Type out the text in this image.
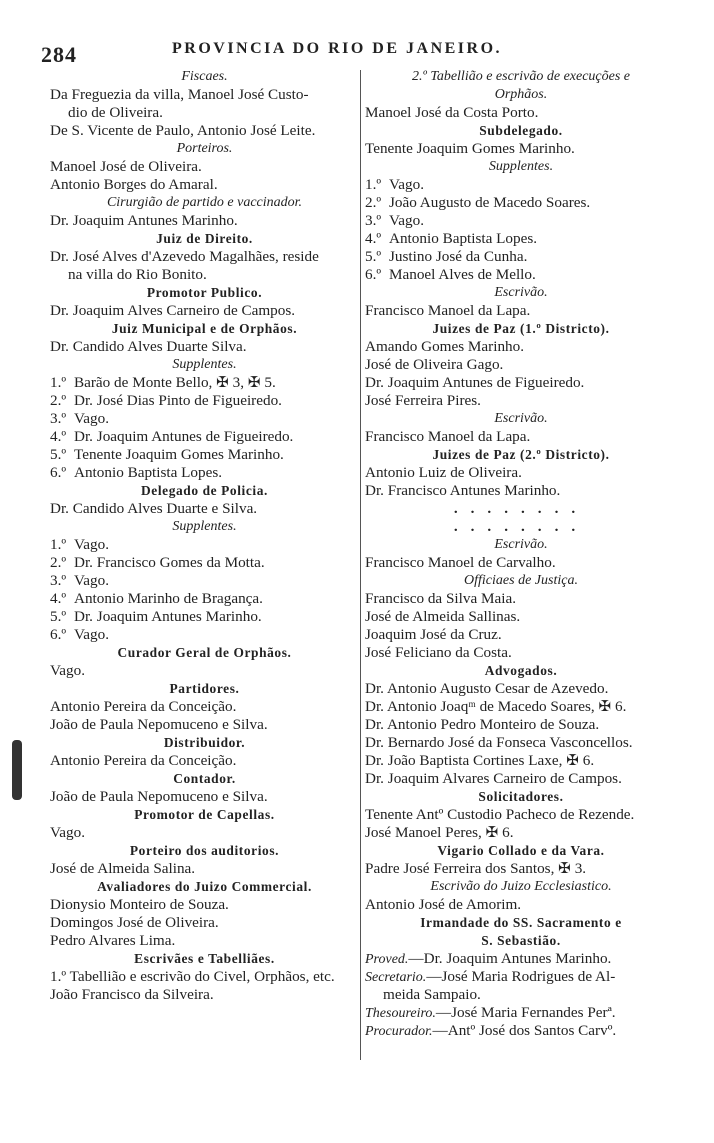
284	PROVINCIA DO RIO DE JANEIRO.
Fiscaes.
Da Freguezia da villa, Manoel José Custo-
dio de Oliveira.
De S. Vicente de Paulo, Antonio José Leite.
Porteiros.
Manoel José de Oliveira.
Antonio Borges do Amaral.
Cirurgião de partido e vaccinador.
Dr. Joaquim Antunes Marinho.
Juiz de Direito.
Dr. José Alves d'Azevedo Magalhães, reside
na villa do Rio Bonito.
Promotor Publico.
Dr. Joaquim Alves Carneiro de Campos.
Juiz Municipal e de Orphãos.
Dr. Candido Alves Duarte Silva.
Supplentes.
1.º Barão de Monte Bello, ✠ 3, ✠ 5.
2.º Dr. José Dias Pinto de Figueiredo.
3.º Vago.
4.º Dr. Joaquim Antunes de Figueiredo.
5.º Tenente Joaquim Gomes Marinho.
6.º Antonio Baptista Lopes.
Delegado de Policia.
Dr. Candido Alves Duarte e Silva.
Supplentes.
1.º Vago.
2.º Dr. Francisco Gomes da Motta.
3.º Vago.
4.º Antonio Marinho de Bragança.
5.º Dr. Joaquim Antunes Marinho.
6.º Vago.
Curador Geral de Orphãos.
Vago.
Partidores.
Antonio Pereira da Conceição.
João de Paula Nepomuceno e Silva.
Distribuidor.
Antonio Pereira da Conceição.
Contador.
João de Paula Nepomuceno e Silva.
Promotor de Capellas.
Vago.
Porteiro dos auditorios.
José de Almeida Salina.
Avaliadores do Juizo Commercial.
Dionysio Monteiro de Souza.
Domingos José de Oliveira.
Pedro Alvares Lima.
Escrivães e Tabelliães.
1.º Tabellião e escrivão do Civel, Orphãos, etc.
João Francisco da Silveira.
2.º Tabellião e escrivão de execuções e
Orphãos.
Manoel José da Costa Porto.
Subdelegado.
Tenente Joaquim Gomes Marinho.
Supplentes.
1.º Vago.
2.º João Augusto de Macedo Soares.
3.º Vago.
4.º Antonio Baptista Lopes.
5.º Justino José da Cunha.
6.º Manoel Alves de Mello.
Escrivão.
Francisco Manoel da Lapa.
Juizes de Paz (1.º Districto).
Amando Gomes Marinho.
José de Oliveira Gago.
Dr. Joaquim Antunes de Figueiredo.
José Ferreira Pires.
Escrivão.
Francisco Manoel da Lapa.
Juizes de Paz (2.º Districto).
Antonio Luiz de Oliveira.
Dr. Francisco Antunes Marinho.
........
........
Escrivão.
Francisco Manoel de Carvalho.
Officiaes de Justiça.
Francisco da Silva Maia.
José de Almeida Sallinas.
Joaquim José da Cruz.
José Feliciano da Costa.
Advogados.
Dr. Antonio Augusto Cesar de Azevedo.
Dr. Antonio Joaqᵐ de Macedo Soares, ✠ 6.
Dr. Antonio Pedro Monteiro de Souza.
Dr. Bernardo José da Fonseca Vasconcellos.
Dr. João Baptista Cortines Laxe, ✠ 6.
Dr. Joaquim Alvares Carneiro de Campos.
Solicitadores.
Tenente Antº Custodio Pacheco de Rezende.
José Manoel Peres, ✠ 6.
Vigario Collado e da Vara.
Padre José Ferreira dos Santos, ✠ 3.
Escrivão do Juizo Ecclesiastico.
Antonio José de Amorim.
Irmandade do SS. Sacramento e
S. Sebastião.
Proved.—Dr. Joaquim Antunes Marinho.
Secretario.—José Maria Rodrigues de Al-
meida Sampaio.
Thesoureiro.—José Maria Fernandes Perª.
Procurador.—Antº José dos Santos Carvº.
